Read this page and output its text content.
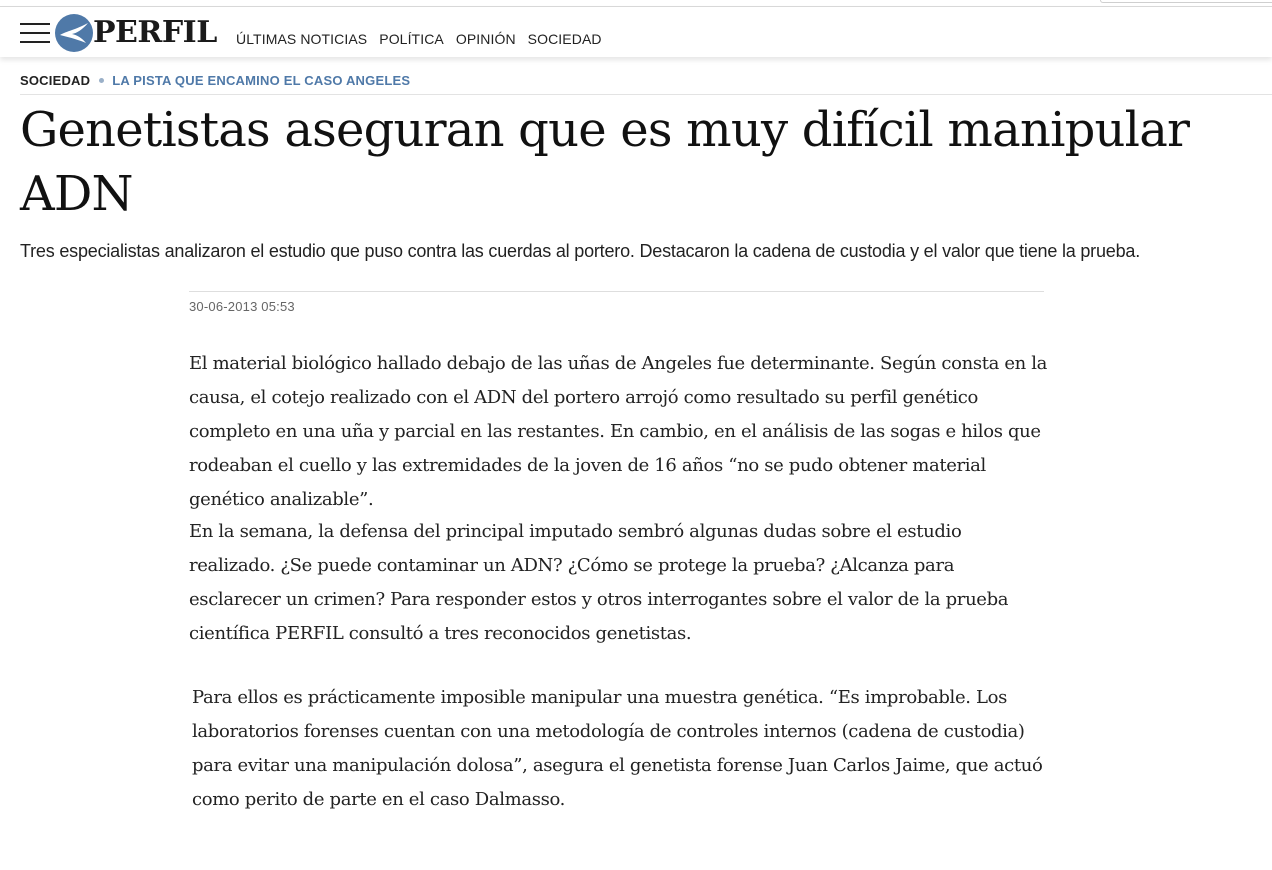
PERFIL ÚLTIMAS NOTICIAS POLÍTICA OPINIÓN SOCIEDAD
SOCIEDAD LA PISTA QUE ENCAMINO EL CASO ANGELES
Genetistas aseguran que es muy difícil manipular ADN

Tres especialistas analizaron el estudio que puso contra las cuerdas al portero. Destacaron la cadena de custodia y el valor que tiene la prueba.

30-06-2013 05:53

El material biológico hallado debajo de las uñas de Angeles fue determinante. Según consta en la causa, el cotejo realizado con el ADN del portero arrojó como resultado su perfil genético completo en una uña y parcial en las restantes. En cambio, en el análisis de las sogas e hilos que rodeaban el cuello y las extremidades de la joven de 16 años “no se pudo obtener material genético analizable”.

En la semana, la defensa del principal imputado sembró algunas dudas sobre el estudio realizado. ¿Se puede contaminar un ADN? ¿Cómo se protege la prueba? ¿Alcanza para esclarecer un crimen? Para responder estos y otros interrogantes sobre el valor de la prueba científica PERFIL consultó a tres reconocidos genetistas.

Para ellos es prácticamente imposible manipular una muestra genética. “Es improbable. Los laboratorios forenses cuentan con una metodología de controles internos (cadena de custodia) para evitar una manipulación dolosa”, asegura el genetista forense Juan Carlos Jaime, que actuó como perito de parte en el caso Dalmasso.
